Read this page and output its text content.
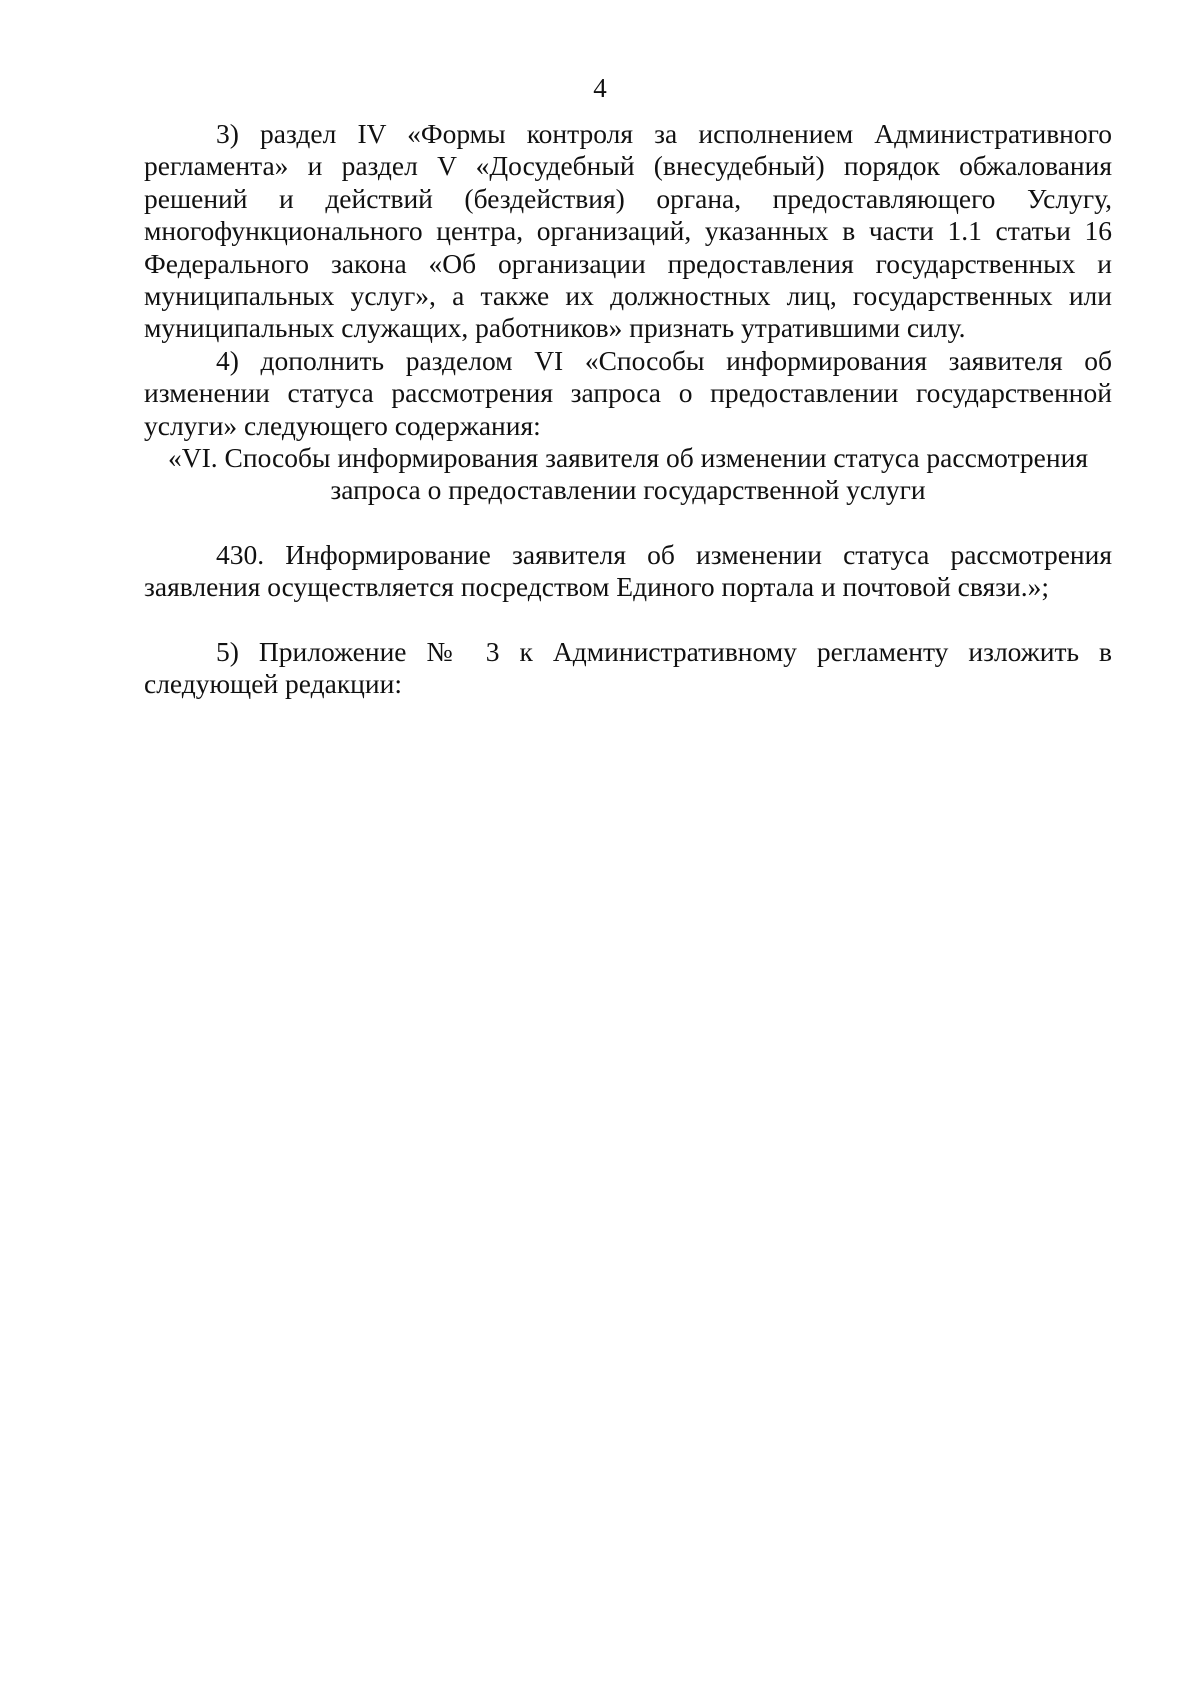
4

3) раздел IV «Формы контроля за исполнением Административного регламента» и раздел V «Досудебный (внесудебный) порядок обжалования решений и действий (бездействия) органа, предоставляющего Услугу, многофункционального центра, организаций, указанных в части 1.1 статьи 16 Федерального закона «Об организации предоставления государственных и муниципальных услуг», а также их должностных лиц, государственных или муниципальных служащих, работников» признать утратившими силу.

4) дополнить разделом VI «Способы информирования заявителя об изменении статуса рассмотрения запроса о предоставлении государственной услуги» следующего содержания:

«VI. Способы информирования заявителя об изменении статуса рассмотрения

запроса о предоставлении государственной услуги

430. Информирование заявителя об изменении статуса рассмотрения заявления осуществляется посредством Единого портала и почтовой связи.»;

5) Приложение № 3 к Административному регламенту изложить в следующей редакции:
